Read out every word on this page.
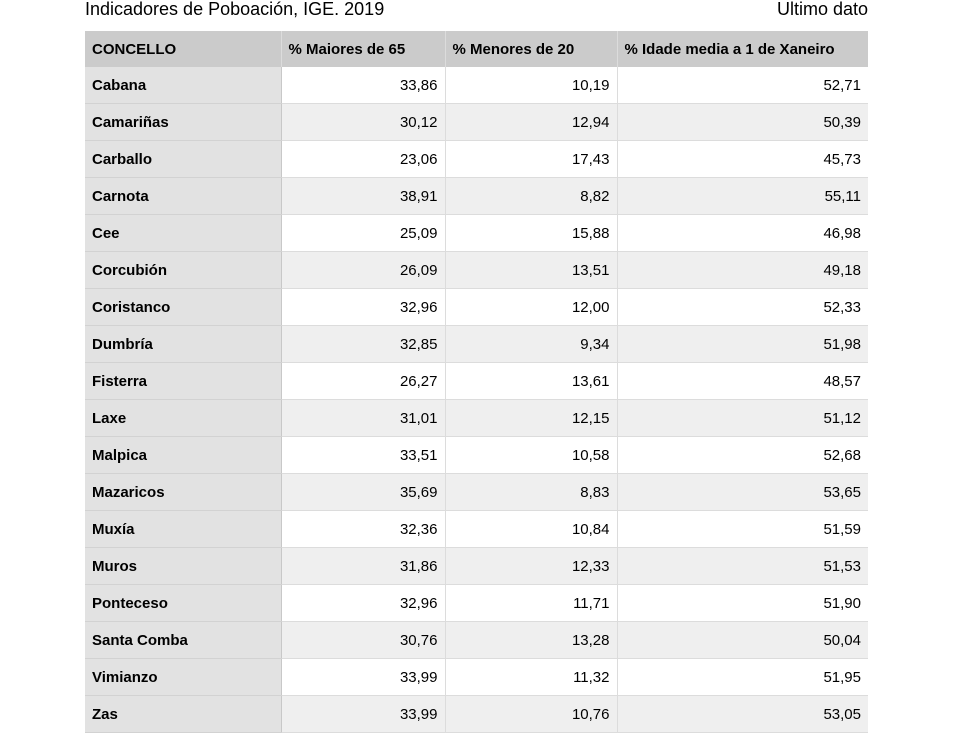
Indicadores de Poboación, IGE. 2019	Ultimo dato
CONCELLO	% Maiores de 65	% Menores de 20	% Idade media a 1 de Xaneiro
Cabana	33,86	10,19	52,71
Camariñas	30,12	12,94	50,39
Carballo	23,06	17,43	45,73
Carnota	38,91	8,82	55,11
Cee	25,09	15,88	46,98
Corcubión	26,09	13,51	49,18
Coristanco	32,96	12,00	52,33
Dumbría	32,85	9,34	51,98
Fisterra	26,27	13,61	48,57
Laxe	31,01	12,15	51,12
Malpica	33,51	10,58	52,68
Mazaricos	35,69	8,83	53,65
Muxía	32,36	10,84	51,59
Muros	31,86	12,33	51,53
Ponteceso	32,96	11,71	51,90
Santa Comba	30,76	13,28	50,04
Vimianzo	33,99	11,32	51,95
Zas	33,99	10,76	53,05
